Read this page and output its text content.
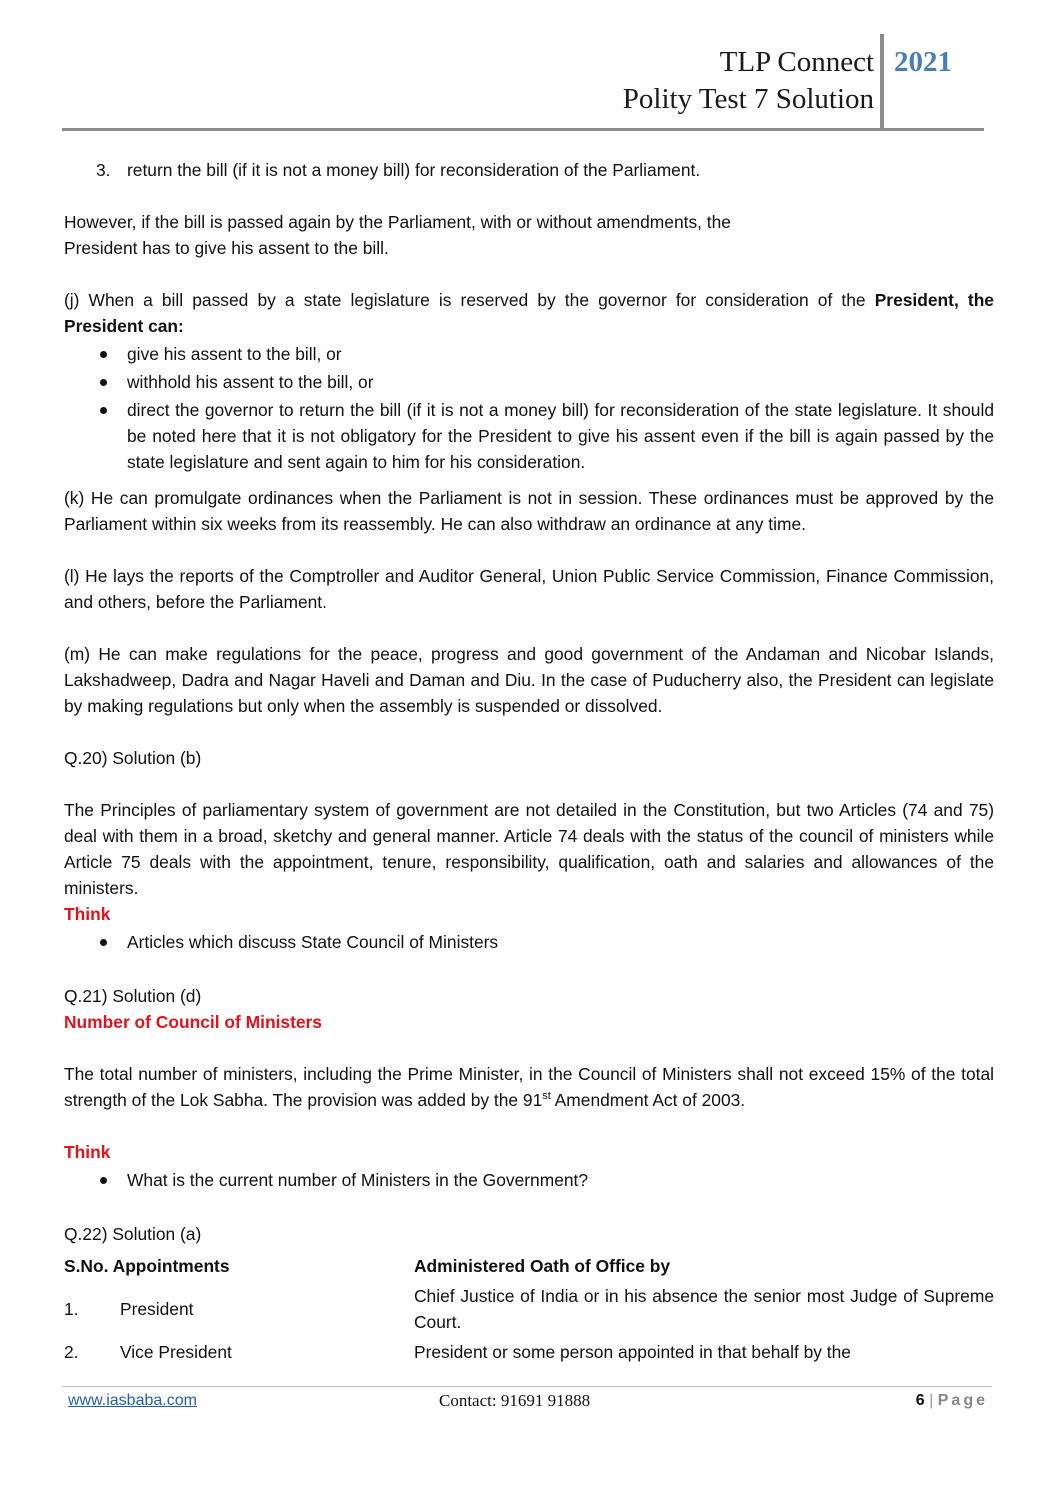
TLP Connect
Polity Test 7 Solution
2021
3. return the bill (if it is not a money bill) for reconsideration of the Parliament.

However, if the bill is passed again by the Parliament, with or without amendments, the
President has to give his assent to the bill.

(j) When a bill passed by a state legislature is reserved by the governor for consideration of the President, the President can:

give his assent to the bill, or
withhold his assent to the bill, or
direct the governor to return the bill (if it is not a money bill) for reconsideration of the state legislature. It should be noted here that it is not obligatory for the President to give his assent even if the bill is again passed by the state legislature and sent again to him for his consideration.

(k) He can promulgate ordinances when the Parliament is not in session. These ordinances must be approved by the Parliament within six weeks from its reassembly. He can also withdraw an ordinance at any time.

(l) He lays the reports of the Comptroller and Auditor General, Union Public Service Commission, Finance Commission, and others, before the Parliament.

(m) He can make regulations for the peace, progress and good government of the Andaman and Nicobar Islands, Lakshadweep, Dadra and Nagar Haveli and Daman and Diu. In the case of Puducherry also, the President can legislate by making regulations but only when the assembly is suspended or dissolved.

Q.20) Solution (b)

The Principles of parliamentary system of government are not detailed in the Constitution, but two Articles (74 and 75) deal with them in a broad, sketchy and general manner. Article 74 deals with the status of the council of ministers while Article 75 deals with the appointment, tenure, responsibility, qualification, oath and salaries and allowances of the ministers.

Think

Articles which discuss State Council of Ministers

Q.21) Solution (d)

Number of Council of Ministers

The total number of ministers, including the Prime Minister, in the Council of Ministers shall not exceed 15% of the total strength of the Lok Sabha. The provision was added by the 91st Amendment Act of 2003.

Think

What is the current number of Ministers in the Government?

Q.22) Solution (a)

S.No. Appointments		Administered Oath of Office by
1.	President	Chief Justice of India or in his absence the senior most Judge of Supreme Court.
2.	Vice President	President or some person appointed in that behalf by the
www.iasbaba.com	Contact: 91691 91888	6 | Page
